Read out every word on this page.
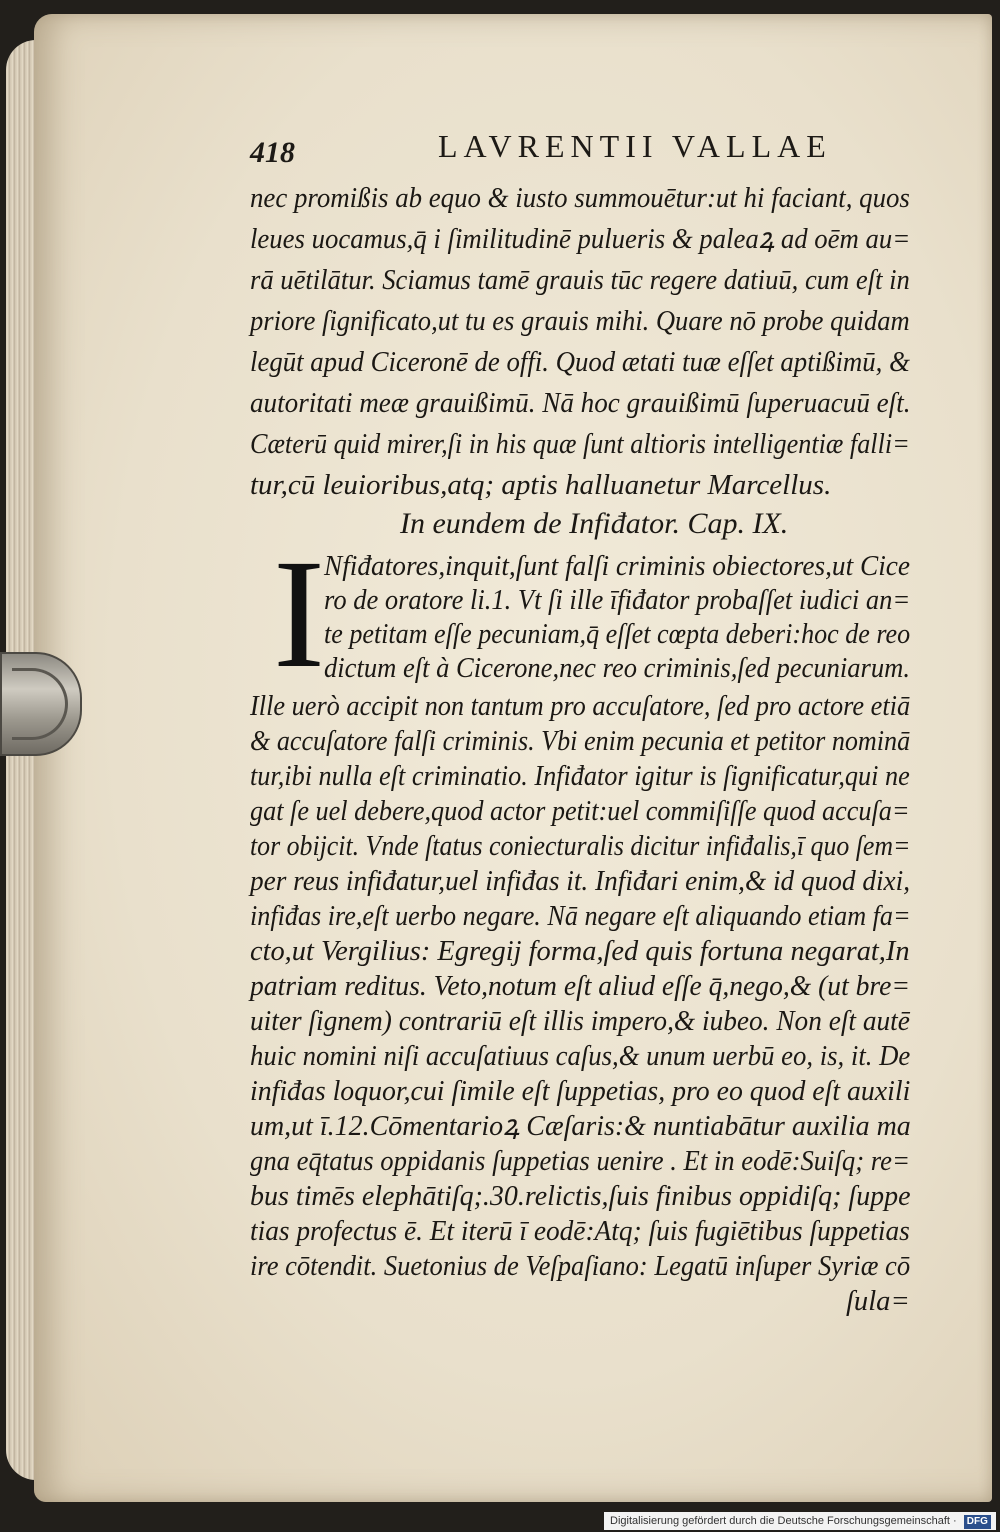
418	LAVRENTII VALLAE
nec promißis ab equo & iusto summouētur:ut hi faciant, quos
leues uocamus,q̄ i ſimilitudinē pulueris & paleaꝝ ad oēm au=
rā uētilātur. Sciamus tamē grauis tūc regere datiuū, cum eſt in
priore ſignificato,ut tu es grauis mihi. Quare nō probe quidam
legūt apud Ciceronē de offi. Quod ætati tuæ eſſet aptißimū, &
autoritati meæ grauißimū. Nā hoc grauißimū ſuperuacuū eſt.
Cæterū quid mirer,ſi in his quæ ſunt altioris intelligentiæ falli=
tur,cū leuioribus,atq; aptis halluanetur Marcellus.
In eundem de Infiđator. Cap. IX.
I Nfiđatores,inquit,ſunt falſi criminis obiectores,ut Cice
ro de oratore li.1. Vt ſi ille īfiđator probaſſet iudici an=
te petitam eſſe pecuniam,q̄ eſſet cœpta deberi:hoc de reo
dictum eſt à Cicerone,nec reo criminis,ſed pecuniarum.
Ille uerò accipit non tantum pro accuſatore, ſed pro actore etiā
& accuſatore falſi criminis. Vbi enim pecunia et petitor nominā
tur,ibi nulla eſt criminatio. Infiđator igitur is ſignificatur,qui ne
gat ſe uel debere,quod actor petit:uel commiſiſſe quod accuſa=
tor obijcit. Vnde ſtatus coniecturalis dicitur infiđalis,ī quo ſem=
per reus infiđatur,uel infiđas it. Infiđari enim,& id quod dixi,
infiđas ire,eſt uerbo negare. Nā negare eſt aliquando etiam fa=
cto,ut Vergilius: Egregij forma,ſed quis fortuna negarat,In
patriam reditus. Veto,notum eſt aliud eſſe q̄,nego,& (ut bre=
uiter ſignem) contrariū eſt illis impero,& iubeo. Non eſt autē
huic nomini niſi accuſatiuus caſus,& unum uerbū eo, is, it. De
infiđas loquor,cui ſimile eſt ſuppetias, pro eo quod eſt auxili
um,ut ī.12.Cōmentarioꝝ Cæſaris:& nuntiabātur auxilia ma
gna eq̄tatus oppidanis ſuppetias uenire . Et in eodē:Suiſq; re=
bus timēs elephātiſq;.30.relictis,ſuis finibus oppidiſq; ſuppe
tias profectus ē. Et iterū ī eodē:Atq; ſuis fugiētibus ſuppetias
ire cōtendit. Suetonius de Veſpaſiano: Legatū inſuper Syriæ cō
ſula=
Digitalisierung gefördert durch die Deutsche Forschungsgemeinschaft · DFG
